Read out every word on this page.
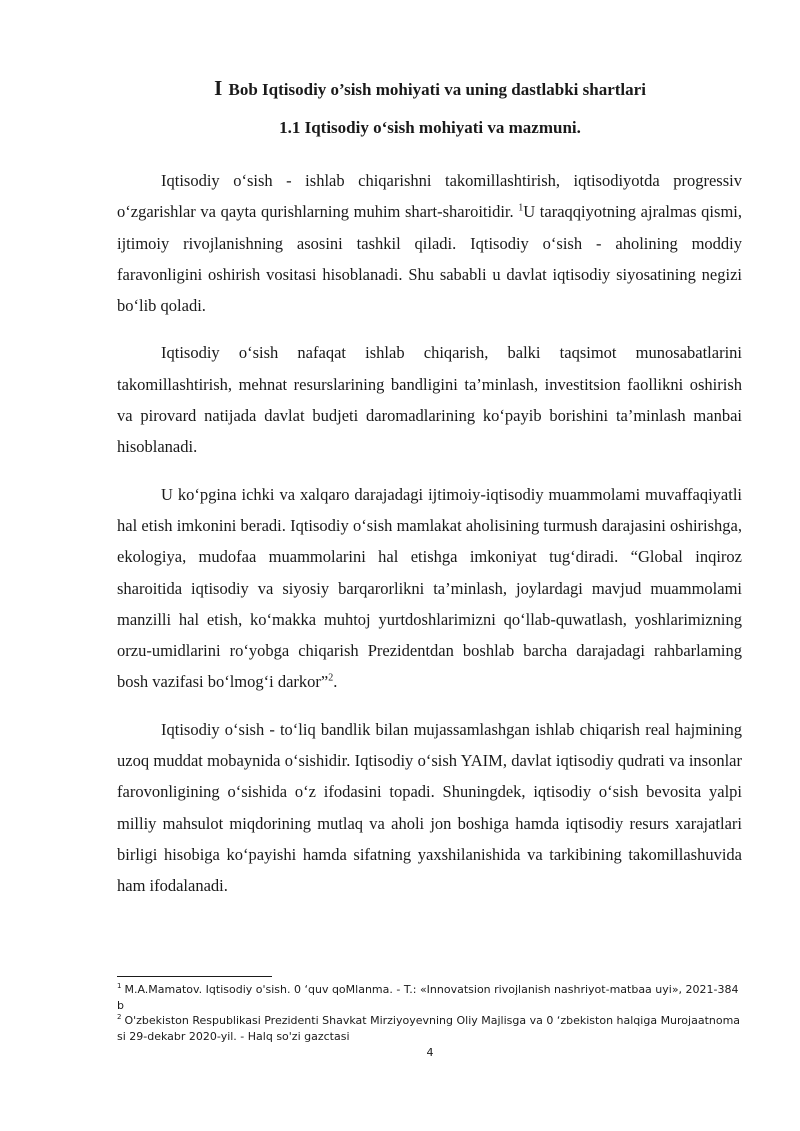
I Bob Iqtisodiy o’sish mohiyati va uning dastlabki shartlari
1.1 Iqtisodiy o‘sish mohiyati va mazmuni.

Iqtisodiy o‘sish - ishlab chiqarishni takomillashtirish, iqtisodiyotda progressiv o‘zgarishlar va qayta qurishlarning muhim shart-sharoitidir. $^1$U taraqqiyotning ajralmas qismi, ijtimoiy rivojlanishning asosini tashkil qiladi. Iqtisodiy o‘sish - aholining moddiy faravonligini oshirish vositasi hisoblanadi. Shu sababli u davlat iqtisodiy siyosatining negizi bo‘lib qoladi.

Iqtisodiy o‘sish nafaqat ishlab chiqarish, balki taqsimot munosabatlarini takomillashtirish, mehnat resurslarining bandligini ta’minlash, investitsion faollikni oshirish va pirovard natijada davlat budjeti daromadlarining ko‘payib borishini ta’minlash manbai hisoblanadi.

U ko‘pgina ichki va xalqaro darajadagi ijtimoiy-iqtisodiy muammolami muvaffaqiyatli hal etish imkonini beradi. Iqtisodiy o‘sish mamlakat aholisining turmush darajasini oshirishga, ekologiya, mudofaa muammolarini hal etishga imkoniyat tug‘diradi. “Global inqiroz sharoitida iqtisodiy va siyosiy barqarorlikni ta’minlash, joylardagi mavjud muammolami manzilli hal etish, ko‘makka muhtoj yurtdoshlarimizni qo‘llab-quwatlash, yoshlarimizning orzu-umidlarini ro‘yobga chiqarish Prezidentdan boshlab barcha darajadagi rahbarlaming bosh vazifasi bo‘lmog‘i darkor”$^2$.

Iqtisodiy o‘sish - to‘liq bandlik bilan mujassamlashgan ishlab chiqarish real hajmining uzoq muddat mobaynida o‘sishidir. Iqtisodiy o‘sish YAIM, davlat iqtisodiy qudrati va insonlar farovonligining o‘sishida o‘z ifodasini topadi. Shuningdek, iqtisodiy o‘sish bevosita yalpi milliy mahsulot miqdorining mutlaq va aholi jon boshiga hamda iqtisodiy resurs xarajatlari birligi hisobiga ko‘payishi hamda sifatning yaxshilanishida va tarkibining takomillashuvida ham ifodalanadi.

$^1$ M.A.Mamatov. Iqtisodiy o'sish. 0 ‘quv qoMlanma. - T.: «Innovatsion rivojlanish nashriyot-matbaa uyi», 2021-384 b

$^2$ O'zbekiston Respublikasi Prezidenti Shavkat Mirziyoyevning Oliy Majlisga va 0 ‘zbekiston halqiga Murojaatnomasi 29-dekabr 2020-yil. - Halq so'zi gazctasi

4
